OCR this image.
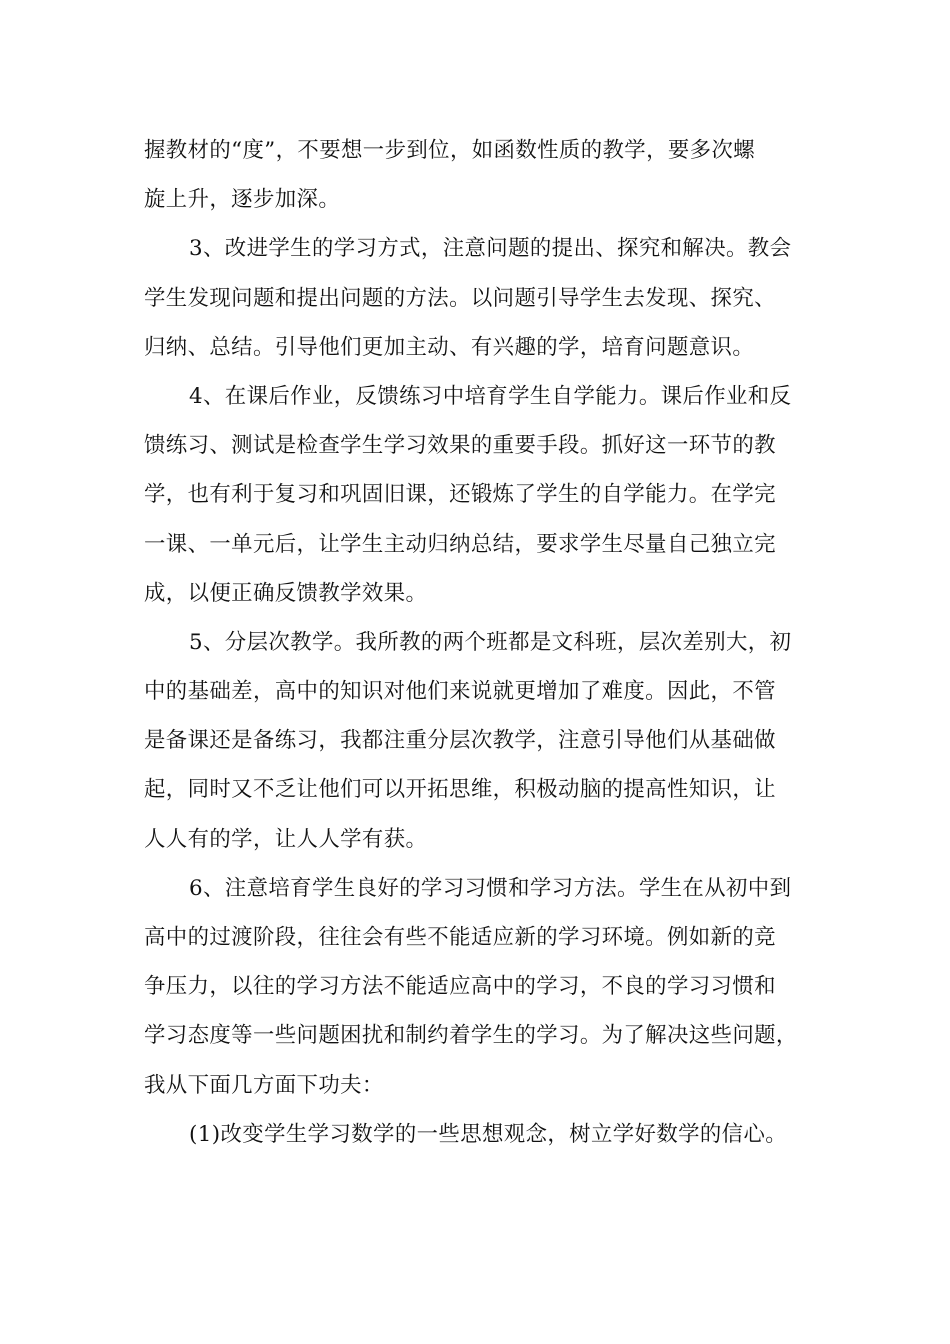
握教材的“度”，不要想一步到位，如函数性质的教学，要多次螺
旋上升，逐步加深。
3、改进学生的学习方式，注意问题的提出、探究和解决。教会
学生发现问题和提出问题的方法。以问题引导学生去发现、探究、
归纳、总结。引导他们更加主动、有兴趣的学，培育问题意识。
4、在课后作业，反馈练习中培育学生自学能力。课后作业和反
馈练习、测试是检查学生学习效果的重要手段。抓好这一环节的教
学，也有利于复习和巩固旧课，还锻炼了学生的自学能力。在学完
一课、一单元后，让学生主动归纳总结，要求学生尽量自己独立完
成，以便正确反馈教学效果。
5、分层次教学。我所教的两个班都是文科班，层次差别大，初
中的基础差，高中的知识对他们来说就更增加了难度。因此，不管
是备课还是备练习，我都注重分层次教学，注意引导他们从基础做
起，同时又不乏让他们可以开拓思维，积极动脑的提高性知识，让
人人有的学，让人人学有获。
6、注意培育学生良好的学习习惯和学习方法。学生在从初中到
高中的过渡阶段，往往会有些不能适应新的学习环境。例如新的竞
争压力，以往的学习方法不能适应高中的学习，不良的学习习惯和
学习态度等一些问题困扰和制约着学生的学习。为了解决这些问题，
我从下面几方面下功夫：
(1)改变学生学习数学的一些思想观念，树立学好数学的信心。
